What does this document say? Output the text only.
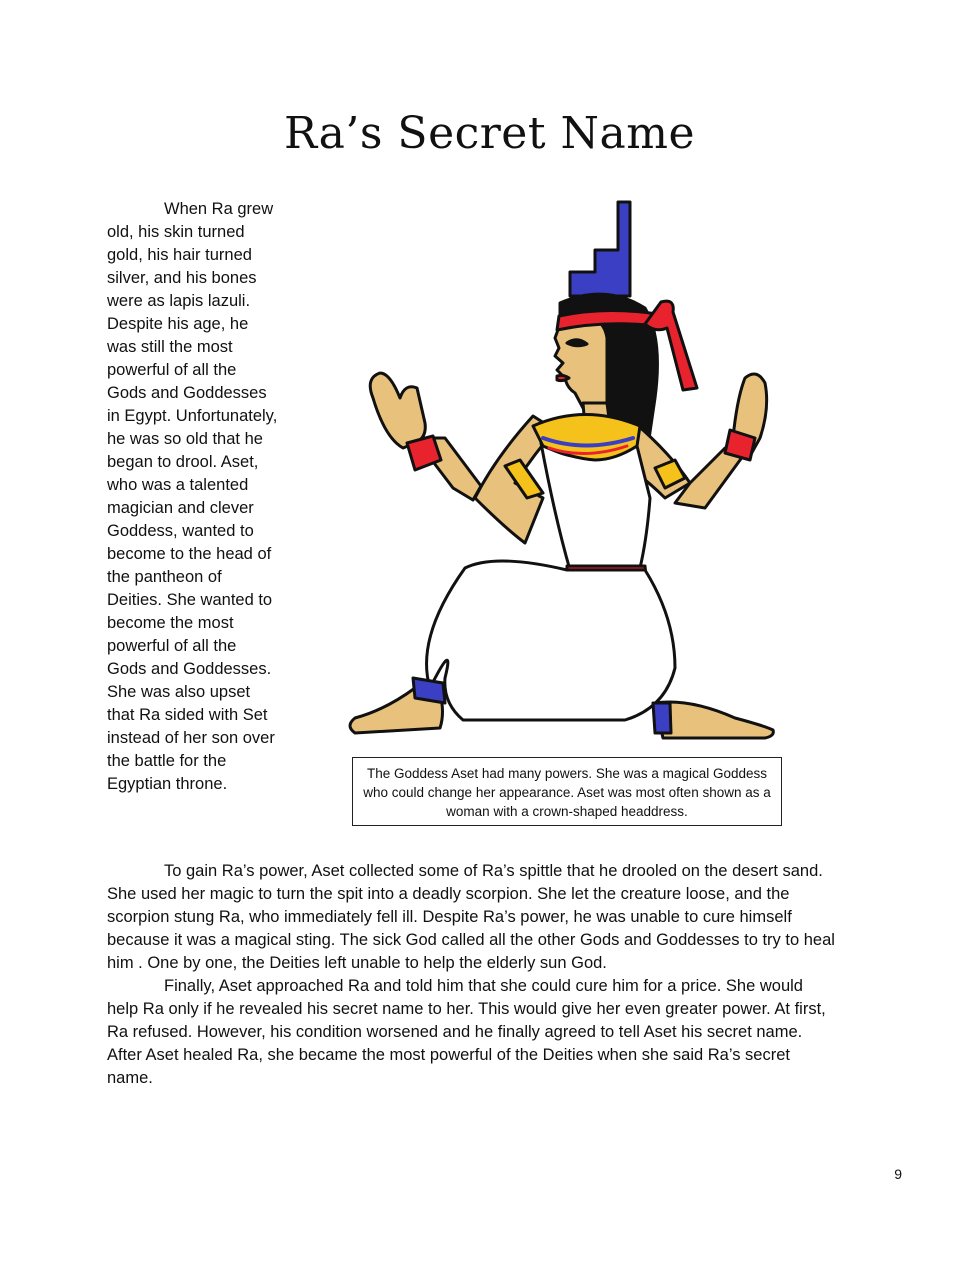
Ra’s Secret Name

When Ra grew old, his skin turned gold, his hair turned silver, and his bones were as lapis lazuli. Despite his age, he was still the most powerful of all the Gods and Goddesses in Egypt. Unfortunately, he was so old that he began to drool. Aset, who was a talented magician and clever Goddess, wanted to become to the head of the pantheon of Deities. She wanted to become the most powerful of all the Gods and Goddesses. She was also upset that Ra sided with Set instead of her son over the battle for the Egyptian throne.

The Goddess Aset had many powers. She was a magical Goddess who could change her appearance. Aset was most often shown as a woman with a crown-shaped headdress.

To gain Ra’s power, Aset collected some of Ra’s spittle that he drooled on the desert sand. She used her magic to turn the spit into a deadly scorpion. She let the creature loose, and the scorpion stung Ra, who immediately fell ill. Despite Ra’s power, he was unable to cure himself because it was a magical sting. The sick God called all the other Gods and Goddesses to try to heal him . One by one, the Deities left unable to help the elderly sun God.

Finally, Aset approached Ra and told him that she could cure him for a price. She would help Ra only if he revealed his secret name to her. This would give her even greater power. At first, Ra refused. However, his condition worsened and he finally agreed to tell Aset his secret name. After Aset healed Ra, she became the most powerful of the Deities when she said Ra’s secret name.

9
